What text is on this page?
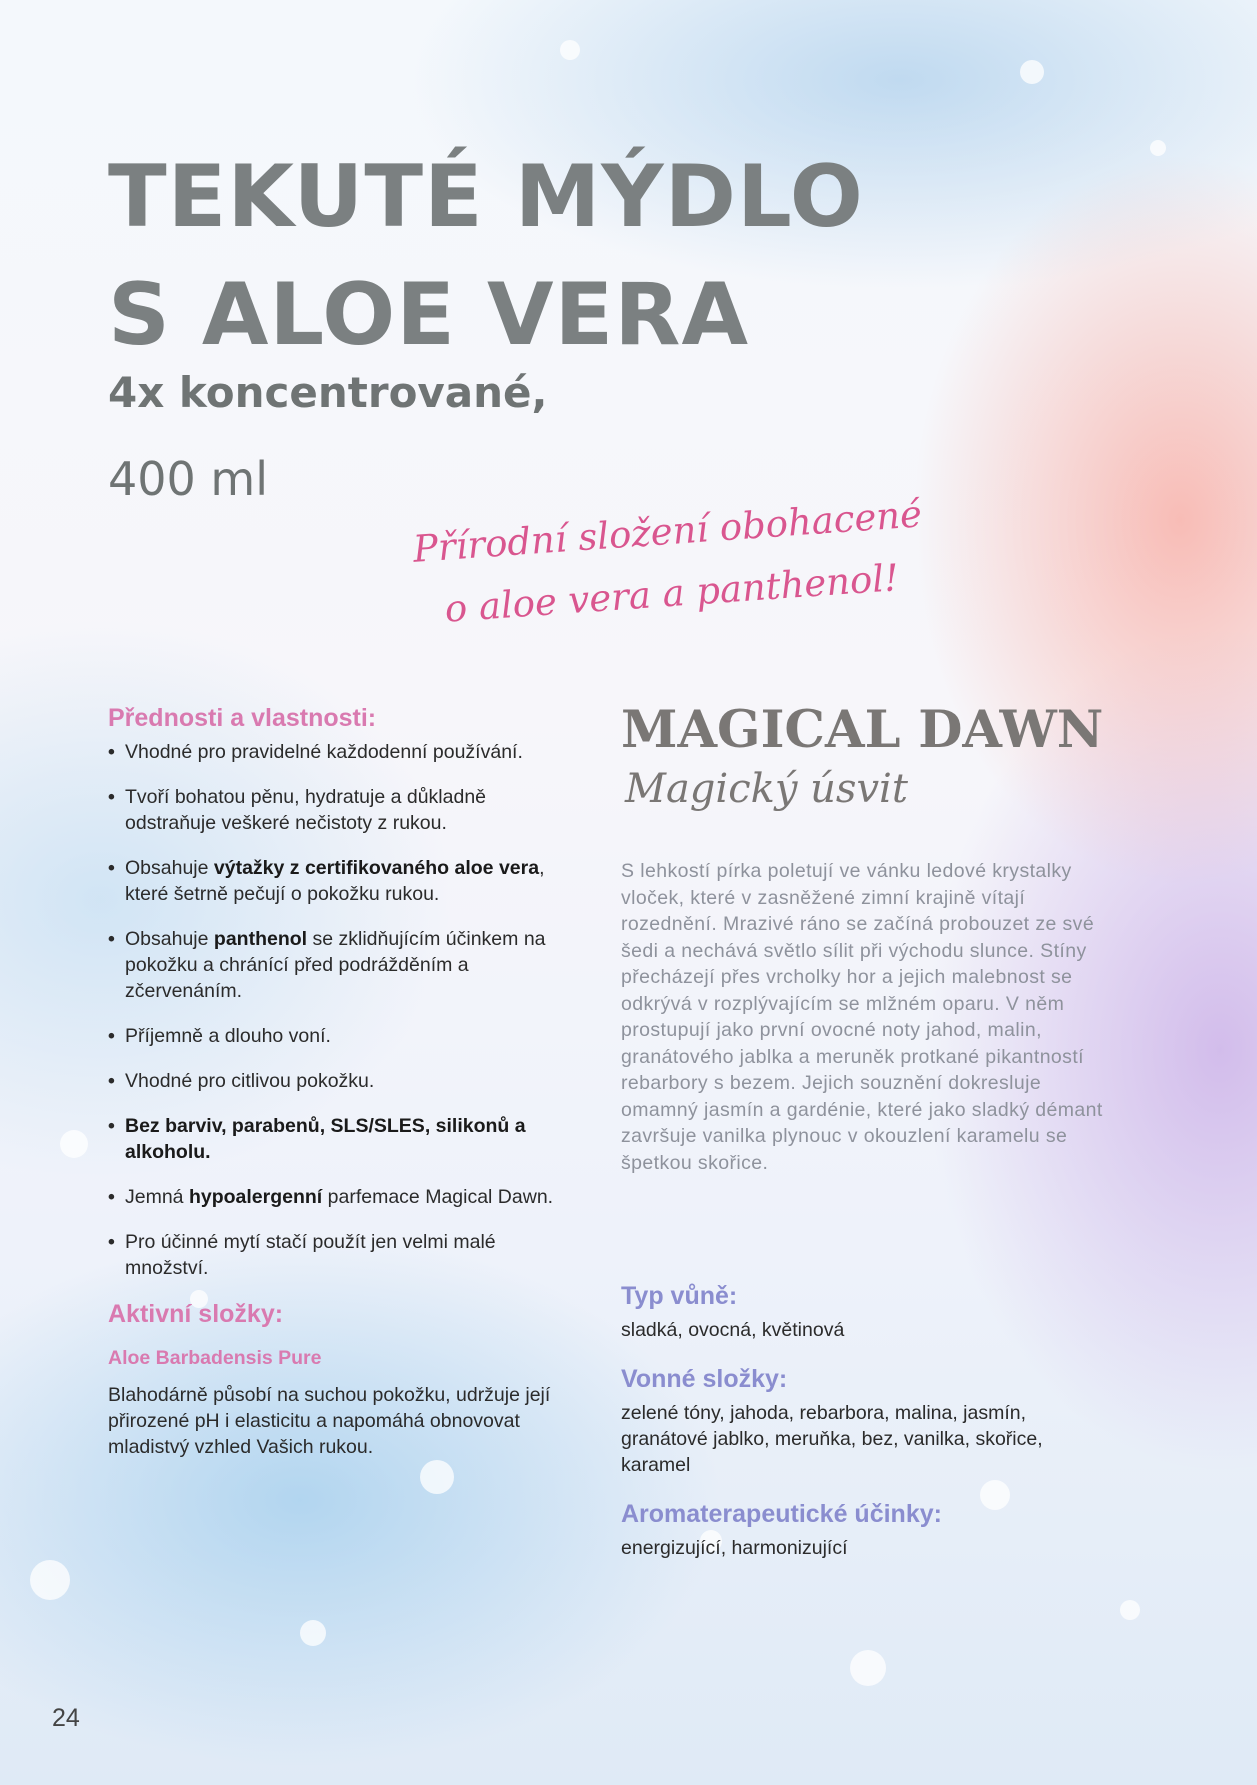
TEKUTÉ MÝDLO
S ALOE VERA
4x koncentrované,
400 ml
Přírodní složení obohacené
o aloe vera a panthenol!
Přednosti a vlastnosti:
• Vhodné pro pravidelné každodenní používání.
• Tvoří bohatou pěnu, hydratuje a důkladně odstraňuje veškeré nečistoty z rukou.
• Obsahuje výtažky z certifikovaného aloe vera, které šetrně pečují o pokožku rukou.
• Obsahuje panthenol se zklidňujícím účinkem na pokožku a chránící před podrážděním a zčervenáním.
• Příjemně a dlouho voní.
• Vhodné pro citlivou pokožku.
• Bez barviv, parabenů, SLS/SLES, silikonů a alkoholu.
• Jemná hypoalergenní parfemace Magical Dawn.
• Pro účinné mytí stačí použít jen velmi malé množství.
Aktivní složky:
Aloe Barbadensis Pure
Blahodárně působí na suchou pokožku, udržuje její přirozené pH i elasticitu a napomáhá obnovovat mladistvý vzhled Vašich rukou.
MAGICAL DAWN
Magický úsvit
S lehkostí pírka poletují ve vánku ledové krystalky vloček, které v zasněžené zimní krajině vítají rozednění. Mrazivé ráno se začíná probouzet ze své šedi a nechává světlo sílit při východu slunce. Stíny přecházejí přes vrcholky hor a jejich malebnost se odkrývá v rozplývajícím se mlžném oparu. V něm prostupují jako první ovocné noty jahod, malin, granátového jablka a meruněk protkané pikantností rebarbory s bezem. Jejich souznění dokresluje omamný jasmín a gardénie, které jako sladký démant završuje vanilka plynouc v okouzlení karamelu se špetkou skořice.
Typ vůně:
sladká, ovocná, květinová
Vonné složky:
zelené tóny, jahoda, rebarbora, malina, jasmín, granátové jablko, meruňka, bez, vanilka, skořice, karamel
Aromaterapeutické účinky:
energizující, harmonizující
24
